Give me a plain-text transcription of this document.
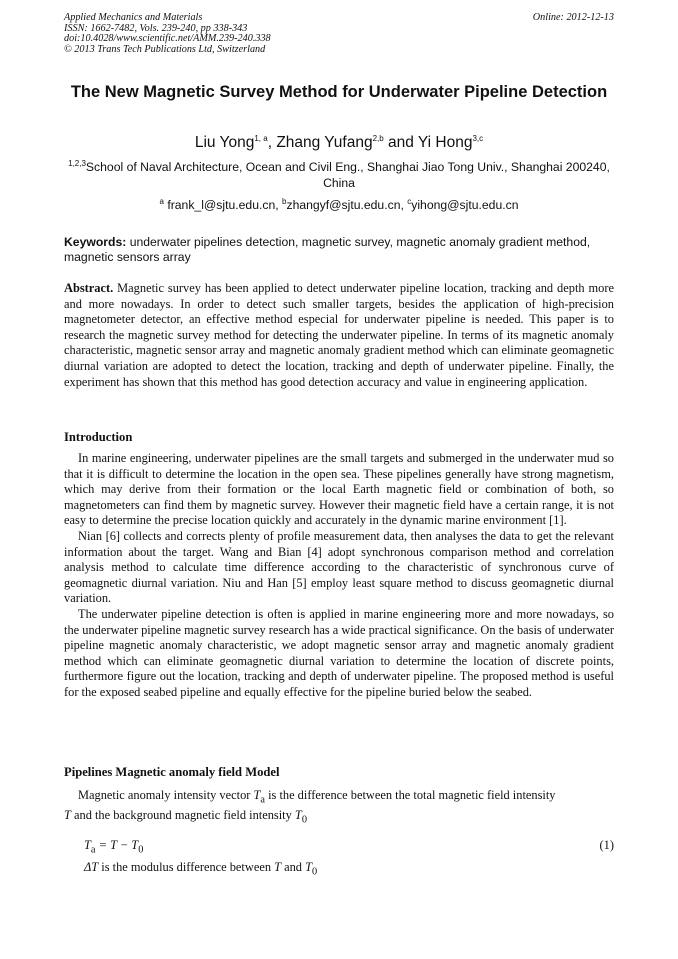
Applied Mechanics and Materials
ISSN: 1662-7482, Vols. 239-240, pp 338-343
doi:10.4028/www.scientific.net/AMM.239-240.338
© 2013 Trans Tech Publications Ltd, Switzerland
Online: 2012-12-13
The New Magnetic Survey Method for Underwater Pipeline Detection
Liu Yong$^{1, a}$, Zhang Yufang$^{2,b}$ and Yi Hong$^{3,c}$
$^{1,2,3}$School of Naval Architecture, Ocean and Civil Eng., Shanghai Jiao Tong Univ., Shanghai 200240, China
$^a$ frank_l@sjtu.edu.cn, $^b$zhangyf@sjtu.edu.cn, $^c$yihong@sjtu.edu.cn
Keywords: underwater pipelines detection, magnetic survey, magnetic anomaly gradient method, magnetic sensors array
Abstract. Magnetic survey has been applied to detect underwater pipeline location, tracking and depth more and more nowadays. In order to detect such smaller targets, besides the application of high-precision magnetometer detector, an effective method especial for underwater pipeline is needed. This paper is to research the magnetic survey method for detecting the underwater pipeline. In terms of its magnetic anomaly characteristic, magnetic sensor array and magnetic anomaly gradient method which can eliminate geomagnetic diurnal variation are adopted to detect the location, tracking and depth of underwater pipeline. Finally, the experiment has shown that this method has good detection accuracy and value in engineering application.
Introduction

In marine engineering, underwater pipelines are the small targets and submerged in the underwater mud so that it is difficult to determine the location in the open sea. These pipelines generally have strong magnetism, which may derive from their formation or the local Earth magnetic field or combination of both, so magnetometers can find them by magnetic survey. However their magnetic field have a certain range, it is not easy to determine the precise location quickly and accurately in the dynamic marine environment [1].

Nian [6] collects and corrects plenty of profile measurement data, then analyses the data to get the relevant information about the target. Wang and Bian [4] adopt synchronous comparison method and correlation analysis method to calculate time difference according to the characteristic of synchronous curve of geomagnetic diurnal variation. Niu and Han [5] employ least square method to discuss geomagnetic diurnal variation.

The underwater pipeline detection is often is applied in marine engineering more and more nowadays, so the underwater pipeline magnetic survey research has a wide practical significance. On the basis of underwater pipeline magnetic anomaly characteristic, we adopt magnetic sensor array and magnetic anomaly gradient method which can eliminate geomagnetic diurnal variation to determine the location of discrete points, furthermore figure out the location, tracking and depth of underwater pipeline. The proposed method is useful for the exposed seabed pipeline and equally effective for the pipeline buried below the seabed.

Pipelines Magnetic anomaly field Model

Magnetic anomaly intensity vector $T_a$ is the difference between the total magnetic field intensity

T and the background magnetic field intensity $T_0$

$T_a = T - T_0$	(1)
ΔT is the modulus difference between T and $T_0$
